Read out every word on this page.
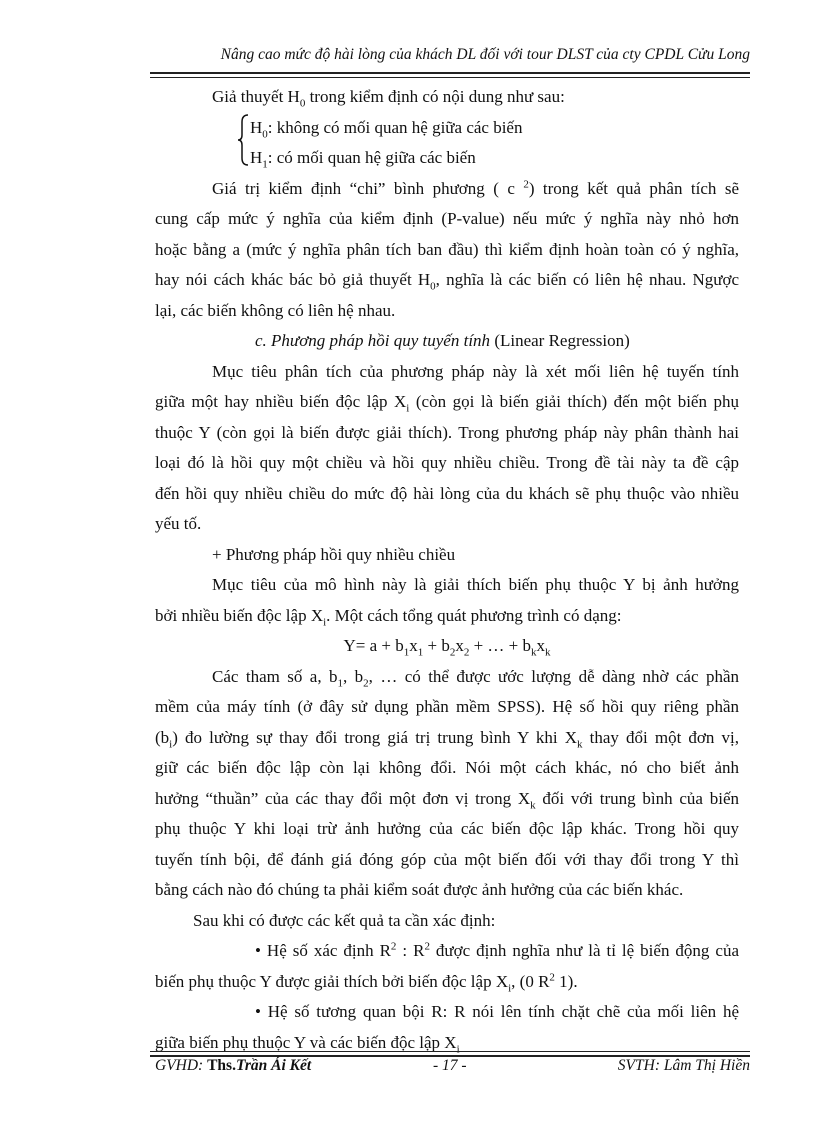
Nâng cao mức độ hài lòng của khách DL đối với tour DLST của cty CPDL Cửu Long
Giả thuyết $H_0$ trong kiểm định có nội dung như sau:
$H_0$: không có mối quan hệ giữa các biến
$H_1$: có mối quan hệ giữa các biến
Giá trị kiểm định “chi” bình phương ( c $^2$) trong kết quả phân tích sẽ
cung cấp mức ý nghĩa của kiểm định (P-value) nếu mức ý nghĩa này nhỏ hơn
hoặc bằng a (mức ý nghĩa phân tích ban đầu) thì kiểm định hoàn toàn có ý nghĩa,
hay nói cách khác bác bỏ giả thuyết $H_0$, nghĩa là các biến có liên hệ nhau. Ngược
lại, các biến không có liên hệ nhau.
c. Phương pháp hồi quy tuyến tính (Linear Regression)
Mục tiêu phân tích của phương pháp này là xét mối liên hệ tuyến tính
giữa một hay nhiều biến độc lập $X_i$ (còn gọi là biến giải thích) đến một biến phụ
thuộc Y (còn gọi là biến được giải thích). Trong phương pháp này phân thành hai
loại đó là hồi quy một chiều và hồi quy nhiều chiều. Trong đề tài này ta đề cập
đến hồi quy nhiều chiều do mức độ hài lòng của du khách sẽ phụ thuộc vào nhiều
yếu tố.
+ Phương pháp hồi quy nhiều chiều
Mục tiêu của mô hình này là giải thích biến phụ thuộc Y bị ảnh hưởng
bởi nhiều biến độc lập $X_i$. Một cách tổng quát phương trình có dạng:
$Y= a + b_1x_1 + b_2x_2$ + … + $b_kx_k$
Các tham số a, $b_1$, $b_2$, … có thể được ước lượng dễ dàng nhờ các phần
mềm của máy tính (ở đây sử dụng phần mềm SPSS). Hệ số hồi quy riêng phần
$(b_i)$ đo lường sự thay đổi trong giá trị trung bình Y khi $X_k$ thay đổi một đơn vị,
giữ các biến độc lập còn lại không đổi. Nói một cách khác, nó cho biết ảnh
hưởng “thuần” của các thay đổi một đơn vị trong $X_k$ đối với trung bình của biến
phụ thuộc Y khi loại trừ ảnh hưởng của các biến độc lập khác. Trong hồi quy
tuyến tính bội, để đánh giá đóng góp của một biến đối với thay đổi trong Y thì
bằng cách nào đó chúng ta phải kiểm soát được ảnh hưởng của các biến khác.
Sau khi có được các kết quả ta cần xác định:
• Hệ số xác định $R^2$ : $R^2$ được định nghĩa như là tỉ lệ biến động của
biến phụ thuộc Y được giải thích bởi biến độc lập $X_i$, (0 $R^2$ 1).
• Hệ số tương quan bội R: R nói lên tính chặt chẽ của mối liên hệ
giữa biến phụ thuộc Y và các biến độc lập $X_i$
GVHD: Ths.Trần Ái Kết	- 17 -	SVTH: Lâm Thị Hiền
